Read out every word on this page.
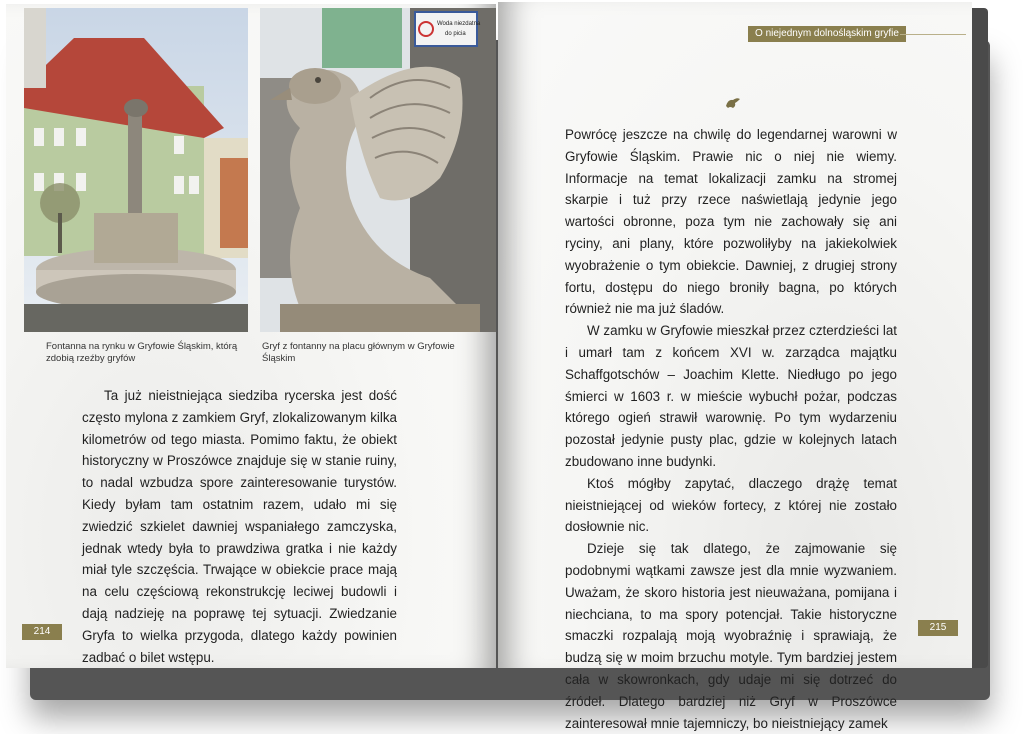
Woda niezdatna
do picia
Fontanna na rynku w Gryfowie Śląskim, którą zdobią rzeźby gryfów
Gryf z fontanny na placu głównym w Gryfowie Śląskim

Ta już nieistniejąca siedziba rycerska jest dość często mylona z zamkiem Gryf, zlokalizowanym kilka kilometrów od tego miasta. Pomimo faktu, że obiekt historyczny w Proszówce znajduje się w stanie ruiny, to nadal wzbudza spore zainteresowanie turystów. Kiedy byłam tam ostatnim razem, udało mi się zwiedzić szkielet dawniej wspaniałego zamczyska, jednak wtedy była to prawdziwa gratka i nie każdy miał tyle szczęścia. Trwające w obiekcie prace mają na celu częściową rekonstrukcję leciwej budowli i dają nadzieję na poprawę tej sytuacji. Zwiedzanie Gryfa to wielka przygoda, dlatego każdy powinien zadbać o bilet wstępu.

214
O niejednym dolnośląskim gryfie

Powrócę jeszcze na chwilę do legendarnej warowni w Gryfowie Śląskim. Prawie nic o niej nie wiemy. Informacje na temat lokalizacji zamku na stromej skarpie i tuż przy rzece naświetlają jedynie jego wartości obronne, poza tym nie zachowały się ani ryciny, ani plany, które pozwoliłyby na jakiekolwiek wyobrażenie o tym obiekcie. Dawniej, z drugiej strony fortu, dostępu do niego broniły bagna, po których również nie ma już śladów.

W zamku w Gryfowie mieszkał przez czterdzieści lat i umarł tam z końcem XVI w. zarządca majątku Schaffgotschów – Joachim Klette. Niedługo po jego śmierci w 1603 r. w mieście wybuchł pożar, podczas którego ogień strawił warownię. Po tym wydarzeniu pozostał jedynie pusty plac, gdzie w kolejnych latach zbudowano inne budynki.

Ktoś mógłby zapytać, dlaczego drążę temat nieistniejącej od wieków fortecy, z której nie zostało dosłownie nic.

Dzieje się tak dlatego, że zajmowanie się podobnymi wątkami zawsze jest dla mnie wyzwaniem. Uważam, że skoro historia jest nieuważana, pomijana i niechciana, to ma spory potencjał. Takie historyczne smaczki rozpalają moją wyobraźnię i sprawiają, że budzą się w moim brzuchu motyle. Tym bardziej jestem cała w skowronkach, gdy udaje mi się dotrzeć do źródeł. Dlatego bardziej niż Gryf w Proszówce zainteresował mnie tajemniczy, bo nieistniejący zamek

215
